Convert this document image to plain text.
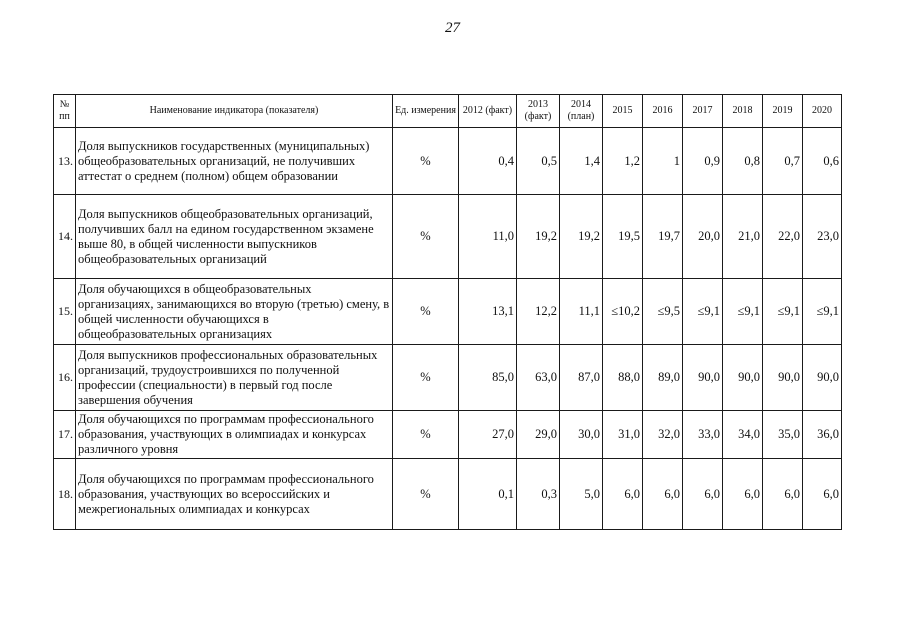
27
№ пп	Наименование индикатора (показателя)	Ед. измерения	2012 (факт)	2013 (факт)	2014 (план)	2015	2016	2017	2018	2019	2020
13.	Доля выпускников государственных (муниципальных) общеобразовательных организаций, не получивших аттестат о среднем (полном) общем образовании	%	0,4	0,5	1,4	1,2	1	0,9	0,8	0,7	0,6
14.	Доля выпускников общеобразовательных организаций, получивших балл на едином государственном экзамене выше 80, в общей численности выпускников общеобразовательных организаций	%	11,0	19,2	19,2	19,5	19,7	20,0	21,0	22,0	23,0
15.	Доля обучающихся в общеобразовательных организациях, занимающихся во вторую (третью) смену, в общей численности обучающихся в общеобразовательных организациях	%	13,1	12,2	11,1	≤10,2	≤9,5	≤9,1	≤9,1	≤9,1	≤9,1
16.	Доля выпускников профессиональных образовательных организаций, трудоустроившихся по полученной профессии (специальности) в первый год после завершения обучения	%	85,0	63,0	87,0	88,0	89,0	90,0	90,0	90,0	90,0
17.	Доля обучающихся по программам профессионального образования, участвующих в олимпиадах и конкурсах различного уровня	%	27,0	29,0	30,0	31,0	32,0	33,0	34,0	35,0	36,0
18.	Доля обучающихся по программам профессионального образования, участвующих во всероссийских и межрегиональных олимпиадах и конкурсах	%	0,1	0,3	5,0	6,0	6,0	6,0	6,0	6,0	6,0
